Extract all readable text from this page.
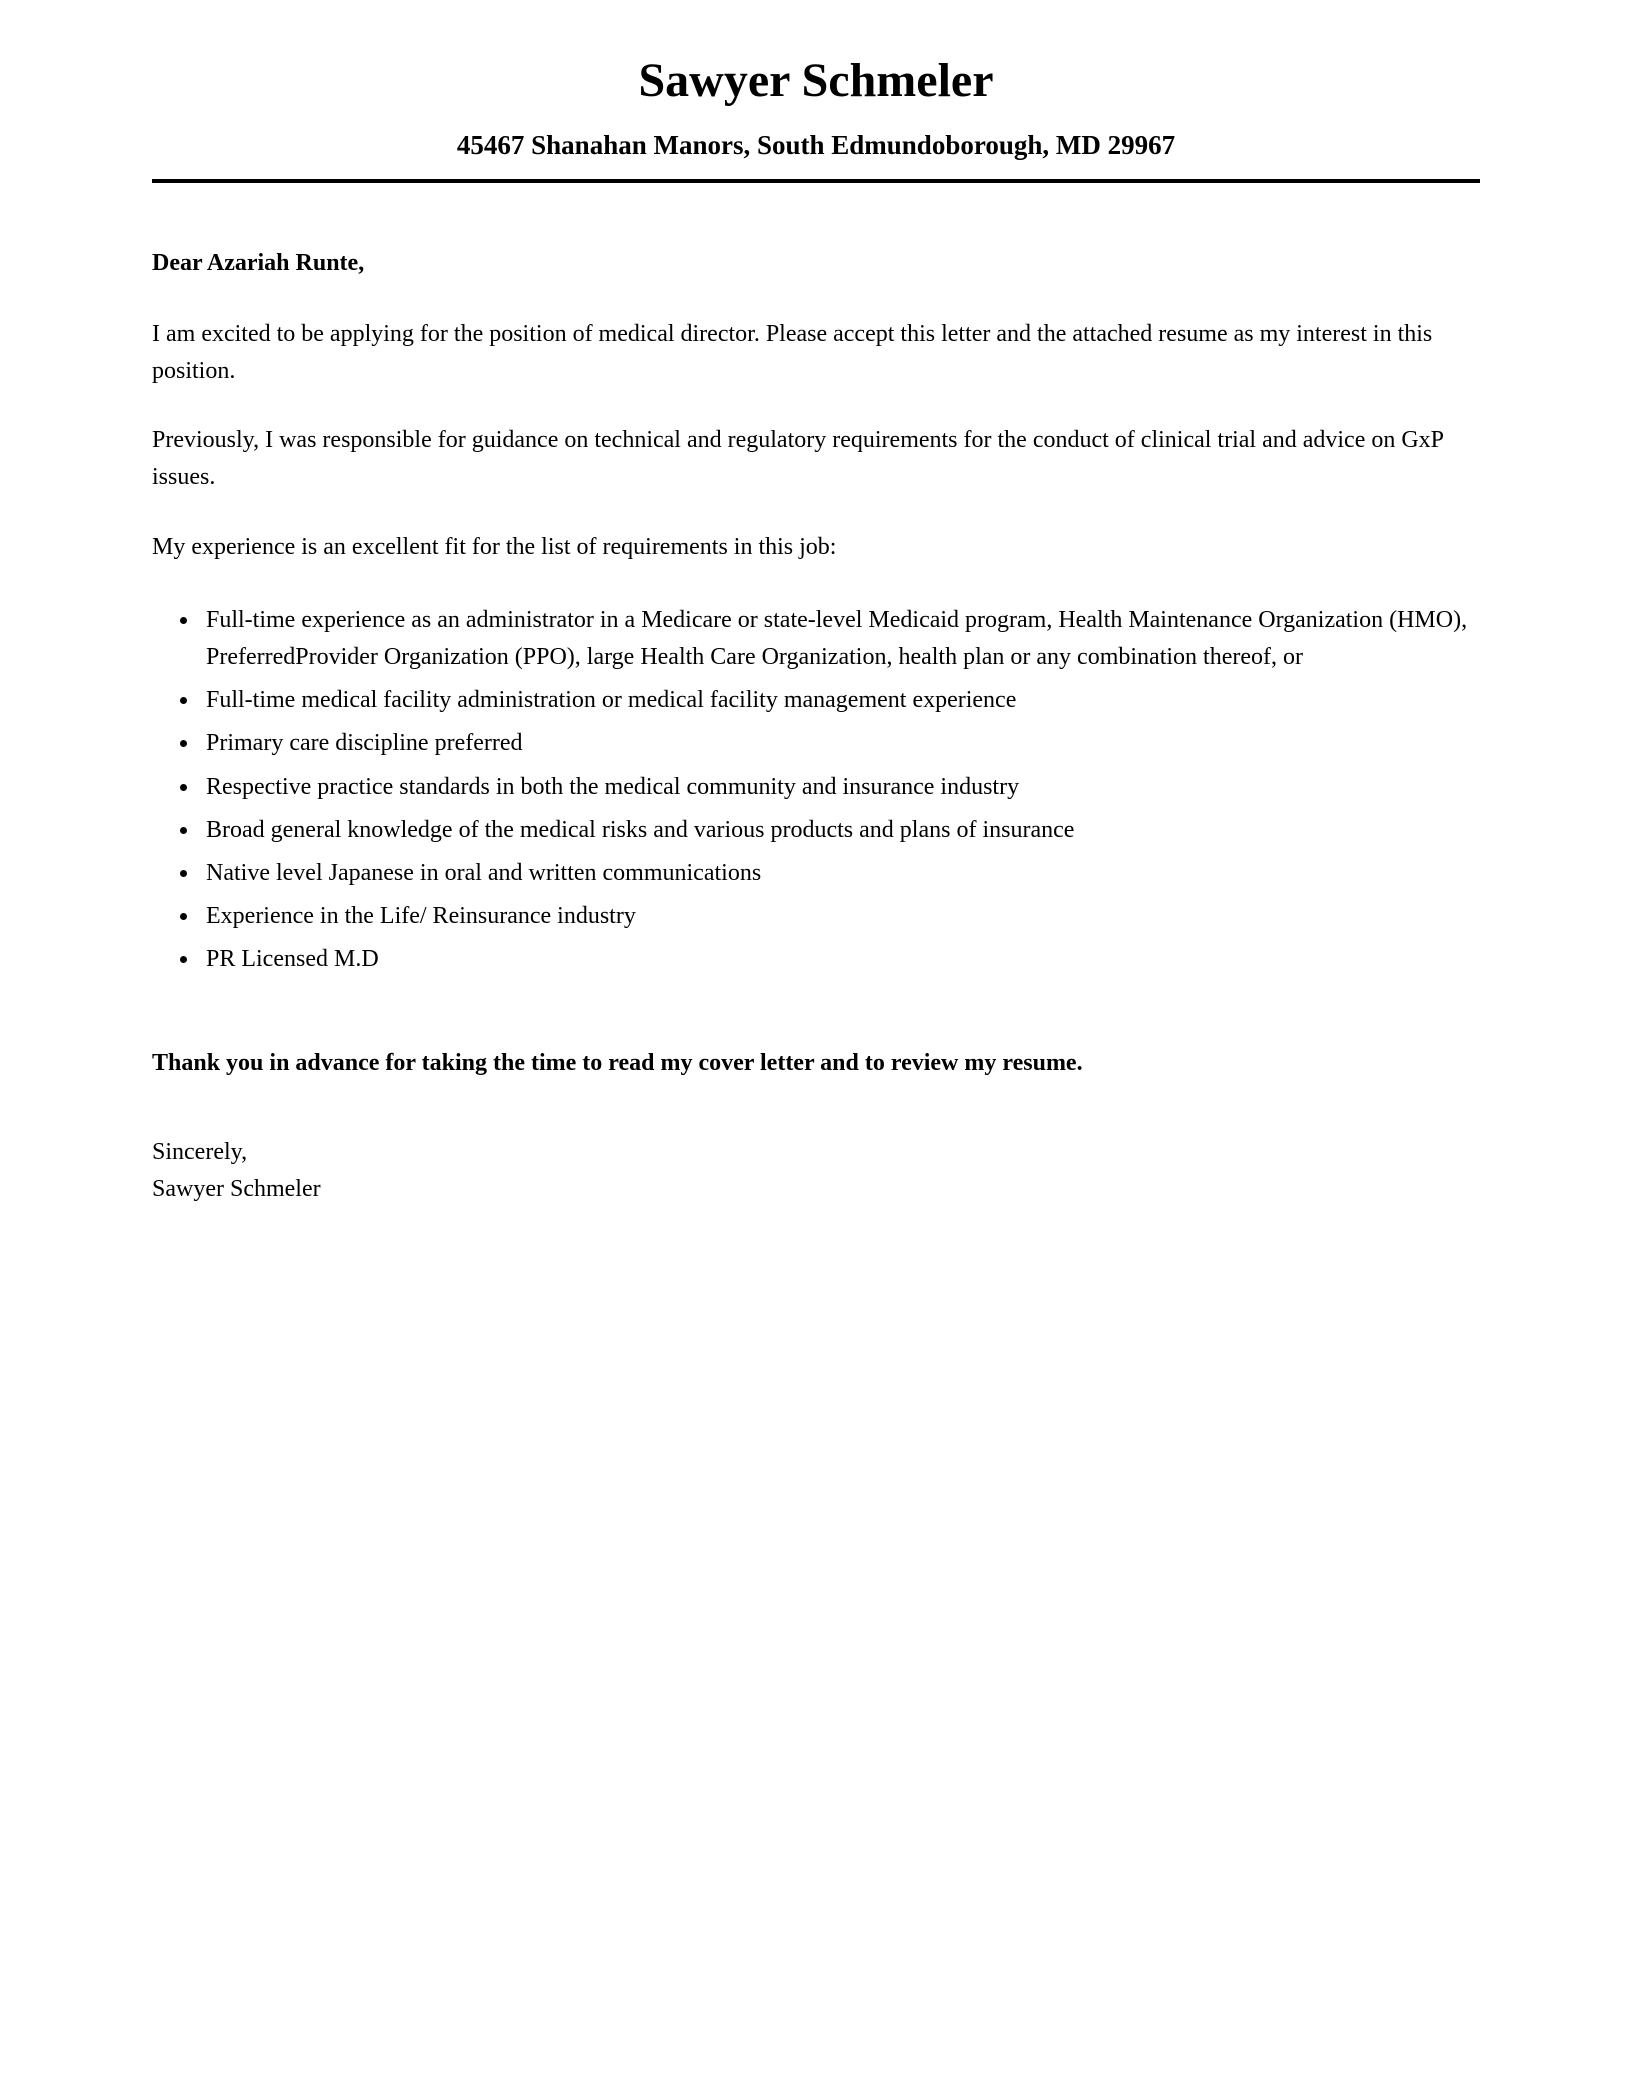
Sawyer Schmeler
45467 Shanahan Manors, South Edmundoborough, MD 29967

Dear Azariah Runte,

I am excited to be applying for the position of medical director. Please accept this letter and the attached resume as my interest in this position.

Previously, I was responsible for guidance on technical and regulatory requirements for the conduct of clinical trial and advice on GxP issues.

My experience is an excellent fit for the list of requirements in this job:

• Full-time experience as an administrator in a Medicare or state-level Medicaid program, Health Maintenance Organization (HMO), PreferredProvider Organization (PPO), large Health Care Organization, health plan or any combination thereof, or
• Full-time medical facility administration or medical facility management experience
• Primary care discipline preferred
• Respective practice standards in both the medical community and insurance industry
• Broad general knowledge of the medical risks and various products and plans of insurance
• Native level Japanese in oral and written communications
• Experience in the Life/ Reinsurance industry
• PR Licensed M.D

Thank you in advance for taking the time to read my cover letter and to review my resume.

Sincerely,

Sawyer Schmeler
